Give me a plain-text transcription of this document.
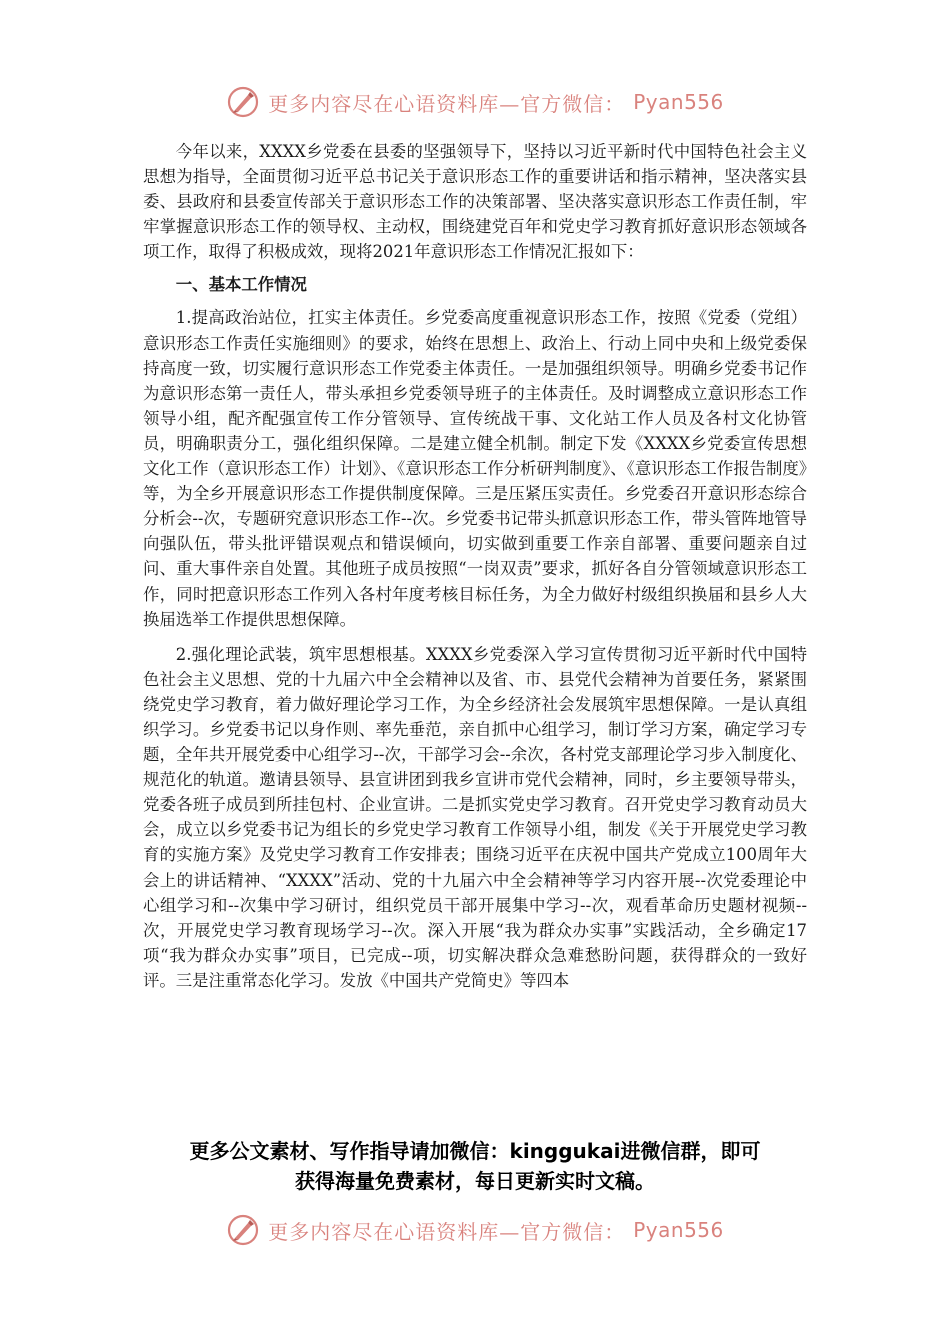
更多内容尽在心语资料库—官方微信： Pyan556

今年以来，XXXX乡党委在县委的坚强领导下，坚持以习近平新时代中国特色社会主义思想为指导，全面贯彻习近平总书记关于意识形态工作的重要讲话和指示精神，坚决落实县委、县政府和县委宣传部关于意识形态工作的决策部署、坚决落实意识形态工作责任制，牢牢掌握意识形态工作的领导权、主动权，围绕建党百年和党史学习教育抓好意识形态领域各项工作，取得了积极成效，现将2021年意识形态工作情况汇报如下：

一、基本工作情况

1.提高政治站位，扛实主体责任。乡党委高度重视意识形态工作，按照《党委（党组）意识形态工作责任实施细则》的要求，始终在思想上、政治上、行动上同中央和上级党委保持高度一致，切实履行意识形态工作党委主体责任。一是加强组织领导。明确乡党委书记作为意识形态第一责任人，带头承担乡党委领导班子的主体责任。及时调整成立意识形态工作领导小组，配齐配强宣传工作分管领导、宣传统战干事、文化站工作人员及各村文化协管员，明确职责分工，强化组织保障。二是建立健全机制。制定下发《XXXX乡党委宣传思想文化工作（意识形态工作）计划》、《意识形态工作分析研判制度》、《意识形态工作报告制度》等，为全乡开展意识形态工作提供制度保障。三是压紧压实责任。乡党委召开意识形态综合分析会--次，专题研究意识形态工作--次。乡党委书记带头抓意识形态工作，带头管阵地管导向强队伍，带头批评错误观点和错误倾向，切实做到重要工作亲自部署、重要问题亲自过问、重大事件亲自处置。其他班子成员按照“一岗双责”要求，抓好各自分管领域意识形态工作，同时把意识形态工作列入各村年度考核目标任务，为全力做好村级组织换届和县乡人大换届选举工作提供思想保障。

2.强化理论武装，筑牢思想根基。XXXX乡党委深入学习宣传贯彻习近平新时代中国特色社会主义思想、党的十九届六中全会精神以及省、市、县党代会精神为首要任务，紧紧围绕党史学习教育，着力做好理论学习工作，为全乡经济社会发展筑牢思想保障。一是认真组织学习。乡党委书记以身作则、率先垂范，亲自抓中心组学习，制订学习方案，确定学习专题，全年共开展党委中心组学习--次，干部学习会--余次，各村党支部理论学习步入制度化、规范化的轨道。邀请县领导、县宣讲团到我乡宣讲市党代会精神，同时，乡主要领导带头，党委各班子成员到所挂包村、企业宣讲。二是抓实党史学习教育。召开党史学习教育动员大会，成立以乡党委书记为组长的乡党史学习教育工作领导小组，制发《关于开展党史学习教育的实施方案》及党史学习教育工作安排表；围绕习近平在庆祝中国共产党成立100周年大会上的讲话精神、“XXXX”活动、党的十九届六中全会精神等学习内容开展--次党委理论中心组学习和--次集中学习研讨，组织党员干部开展集中学习--次，观看革命历史题材视频--次，开展党史学习教育现场学习--次。深入开展“我为群众办实事”实践活动，全乡确定17项“我为群众办实事”项目，已完成--项，切实解决群众急难愁盼问题，获得群众的一致好评。三是注重常态化学习。发放《中国共产党简史》等四本

更多公文素材、写作指导请加微信：kinggukai进微信群，即可
获得海量免费素材，每日更新实时文稿。
更多内容尽在心语资料库—官方微信： Pyan556
